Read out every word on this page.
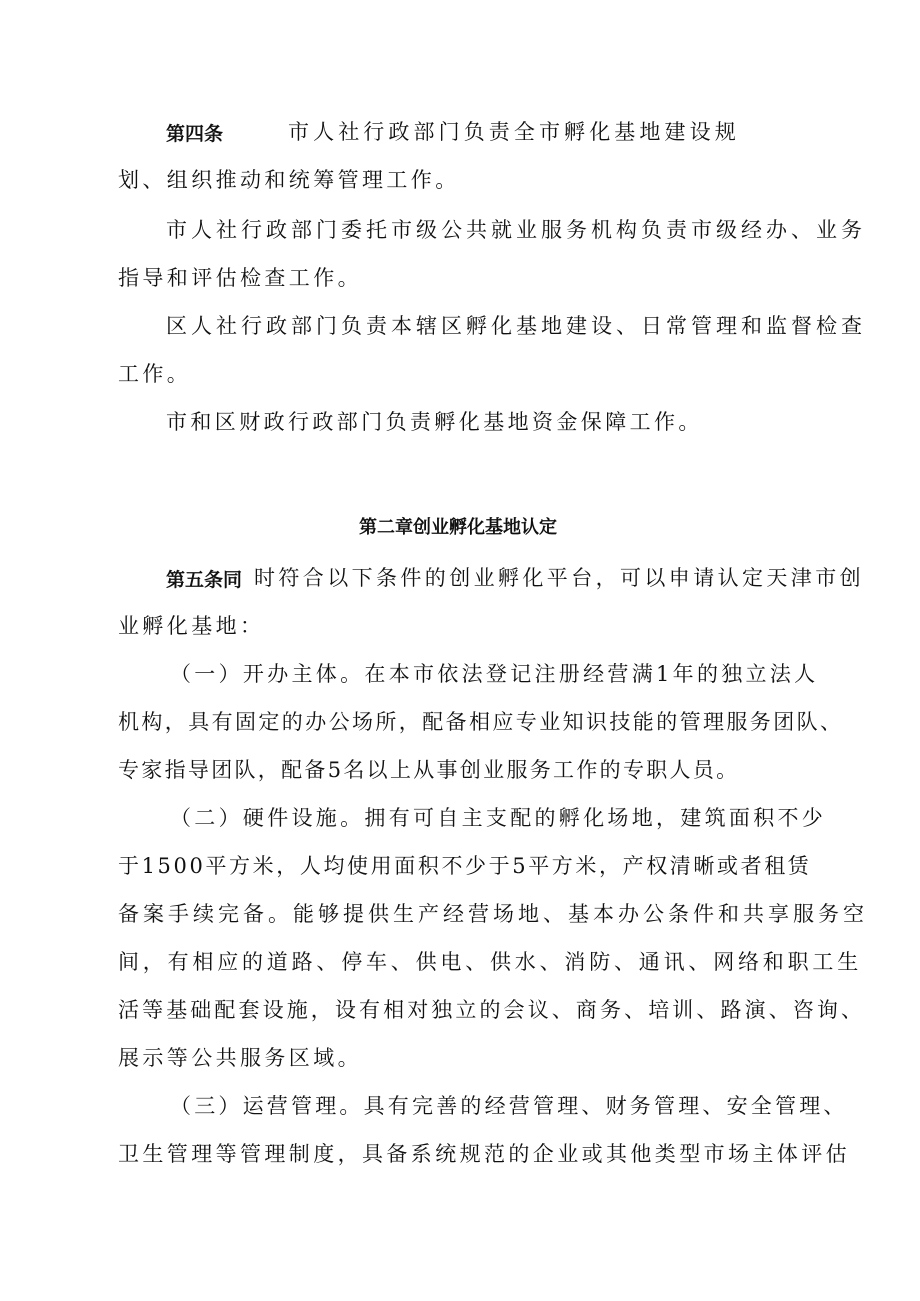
第四条	市人社行政部门负责全市孵化基地建设规
划、组织推动和统筹管理工作。
市人社行政部门委托市级公共就业服务机构负责市级经办、业务
指导和评估检查工作。
区人社行政部门负责本辖区孵化基地建设、日常管理和监督检查
工作。
市和区财政行政部门负责孵化基地资金保障工作。
第二章创业孵化基地认定
第五条同 时符合以下条件的创业孵化平台，可以申请认定天津市创
业孵化基地：
（一）开办主体。在本市依法登记注册经营满1年的独立法人
机构，具有固定的办公场所，配备相应专业知识技能的管理服务团队、
专家指导团队，配备5名以上从事创业服务工作的专职人员。
（二）硬件设施。拥有可自主支配的孵化场地，建筑面积不少
于1500平方米，人均使用面积不少于5平方米，产权清晰或者租赁
备案手续完备。能够提供生产经营场地、基本办公条件和共享服务空
间，有相应的道路、停车、供电、供水、消防、通讯、网络和职工生
活等基础配套设施，设有相对独立的会议、商务、培训、路演、咨询、
展示等公共服务区域。
（三）运营管理。具有完善的经营管理、财务管理、安全管理、
卫生管理等管理制度，具备系统规范的企业或其他类型市场主体评估
